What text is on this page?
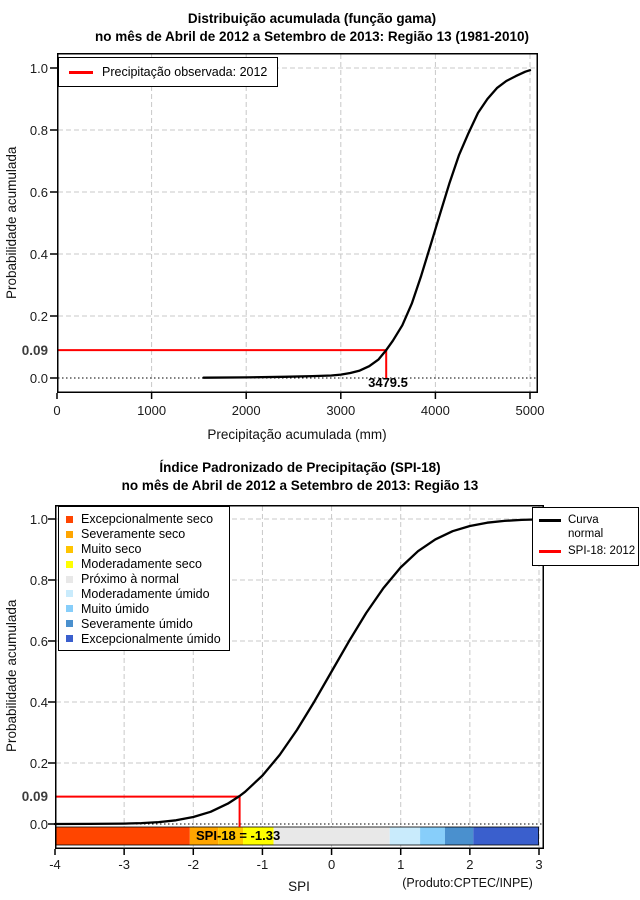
Distribuição acumulada (função gama)
no mês de Abril de 2012 a Setembro de 2013: Região 13 (1981-2010)
Probabilidade acumulada
Precipitação observada: 2012
0.09
3479.5
Precipitação acumulada (mm)
0	1000	2000	3000	4000	5000
0.0
0.2
0.4
0.6
0.8
1.0
Índice Padronizado de Precipitação (SPI-18)
no mês de Abril de 2012 a Setembro de 2013: Região 13
Probabilidade acumulada
Excepcionalmente seco
Severamente seco
Muito seco
Moderadamente seco
Próximo à normal
Moderadamente úmido
Muito úmido
Severamente úmido
Excepcionalmente úmido
Curva normal
SPI-18: 2012
0.09
SPI-18 = -1.33
SPI	(Produto:CPTEC/INPE)
-4	-3	-2	-1	0	1	2	3
0.0
0.2
0.4
0.6
0.8
1.0
